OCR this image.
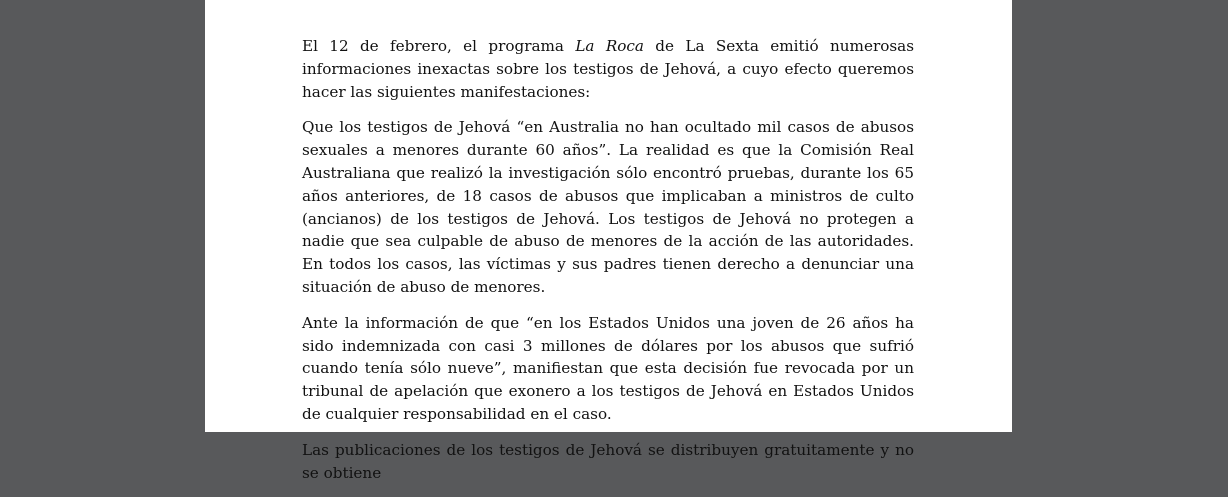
El 12 de febrero, el programa La Roca de La Sexta emitió numerosas informaciones inexactas sobre los testigos de Jehová, a cuyo efecto queremos hacer las siguientes manifestaciones:

Que los testigos de Jehová “en Australia no han ocultado mil casos de abusos sexuales a menores durante 60 años”. La realidad es que la Comisión Real Australiana que realizó la investigación sólo encontró pruebas, durante los 65 años anteriores, de 18 casos de abusos que implicaban a ministros de culto (ancianos) de los testigos de Jehová. Los testigos de Jehová no protegen a nadie que sea culpable de abuso de menores de la acción de las autoridades. En todos los casos, las víctimas y sus padres tienen derecho a denunciar una situación de abuso de menores.

Ante la información de que “en los Estados Unidos una joven de 26 años ha sido indemnizada con casi 3 millones de dólares por los abusos que sufrió cuando tenía sólo nueve”, manifiestan que esta decisión fue revocada por un tribunal de apelación que exonero a los testigos de Jehová en Estados Unidos de cualquier responsabilidad en el caso.

Las publicaciones de los testigos de Jehová se distribuyen gratuitamente y no se obtiene
